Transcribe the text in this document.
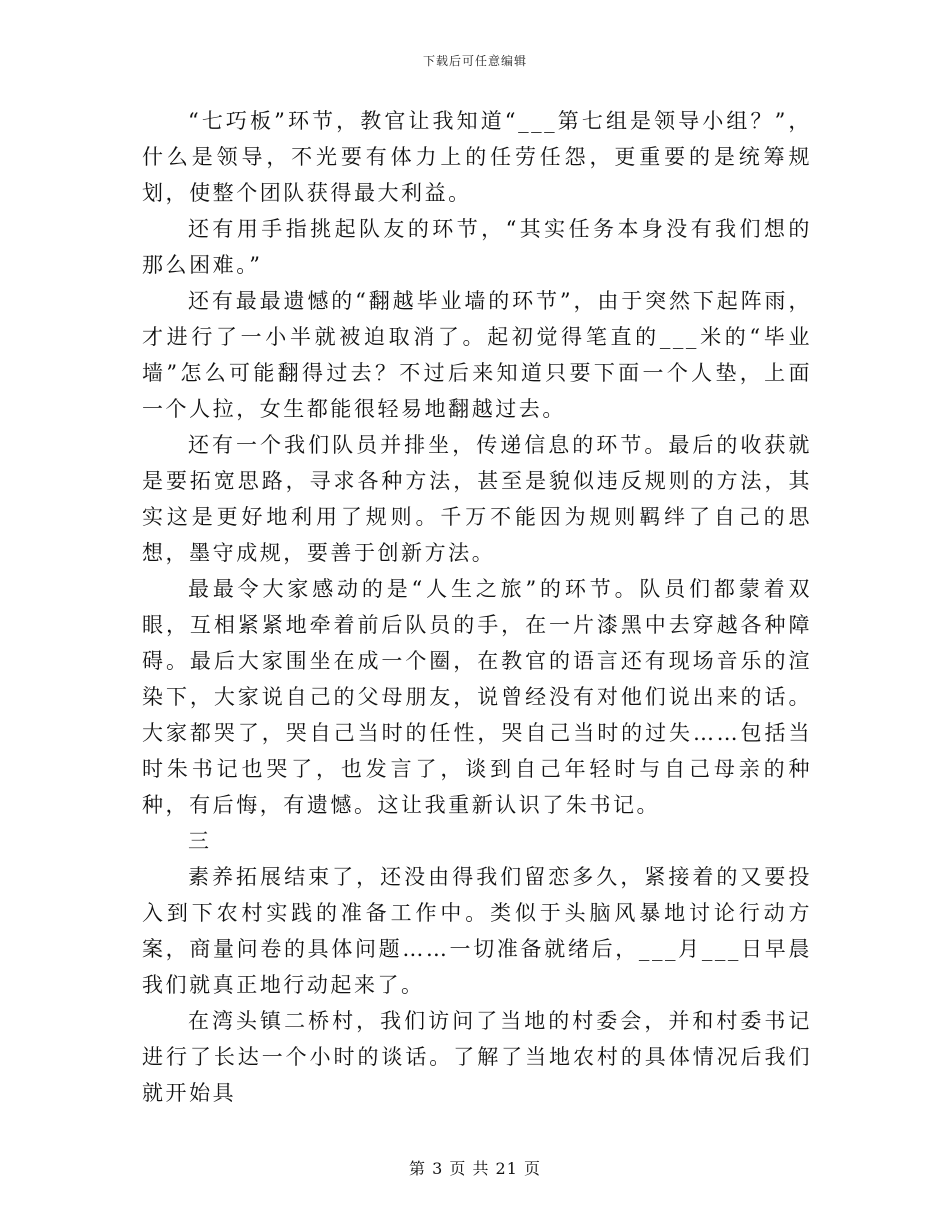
下载后可任意编辑

“七巧板”环节，教官让我知道“___第七组是领导小组？”，什么是领导，不光要有体力上的任劳任怨，更重要的是统筹规划，使整个团队获得最大利益。

还有用手指挑起队友的环节，“其实任务本身没有我们想的那么困难。”

还有最最遗憾的“翻越毕业墙的环节”，由于突然下起阵雨，才进行了一小半就被迫取消了。起初觉得笔直的___米的“毕业墙”怎么可能翻得过去？不过后来知道只要下面一个人垫，上面一个人拉，女生都能很轻易地翻越过去。

还有一个我们队员并排坐，传递信息的环节。最后的收获就是要拓宽思路，寻求各种方法，甚至是貌似违反规则的方法，其实这是更好地利用了规则。千万不能因为规则羁绊了自己的思想，墨守成规，要善于创新方法。

最最令大家感动的是“人生之旅”的环节。队员们都蒙着双眼，互相紧紧地牵着前后队员的手，在一片漆黑中去穿越各种障碍。最后大家围坐在成一个圈，在教官的语言还有现场音乐的渲染下，大家说自己的父母朋友，说曾经没有对他们说出来的话。大家都哭了，哭自己当时的任性，哭自己当时的过失……包括当时朱书记也哭了，也发言了，谈到自己年轻时与自己母亲的种种，有后悔，有遗憾。这让我重新认识了朱书记。

三

素养拓展结束了，还没由得我们留恋多久，紧接着的又要投入到下农村实践的准备工作中。类似于头脑风暴地讨论行动方案，商量问卷的具体问题……一切准备就绪后，___月___日早晨我们就真正地行动起来了。

在湾头镇二桥村，我们访问了当地的村委会，并和村委书记进行了长达一个小时的谈话。了解了当地农村的具体情况后我们就开始具

第 3 页 共 21 页
